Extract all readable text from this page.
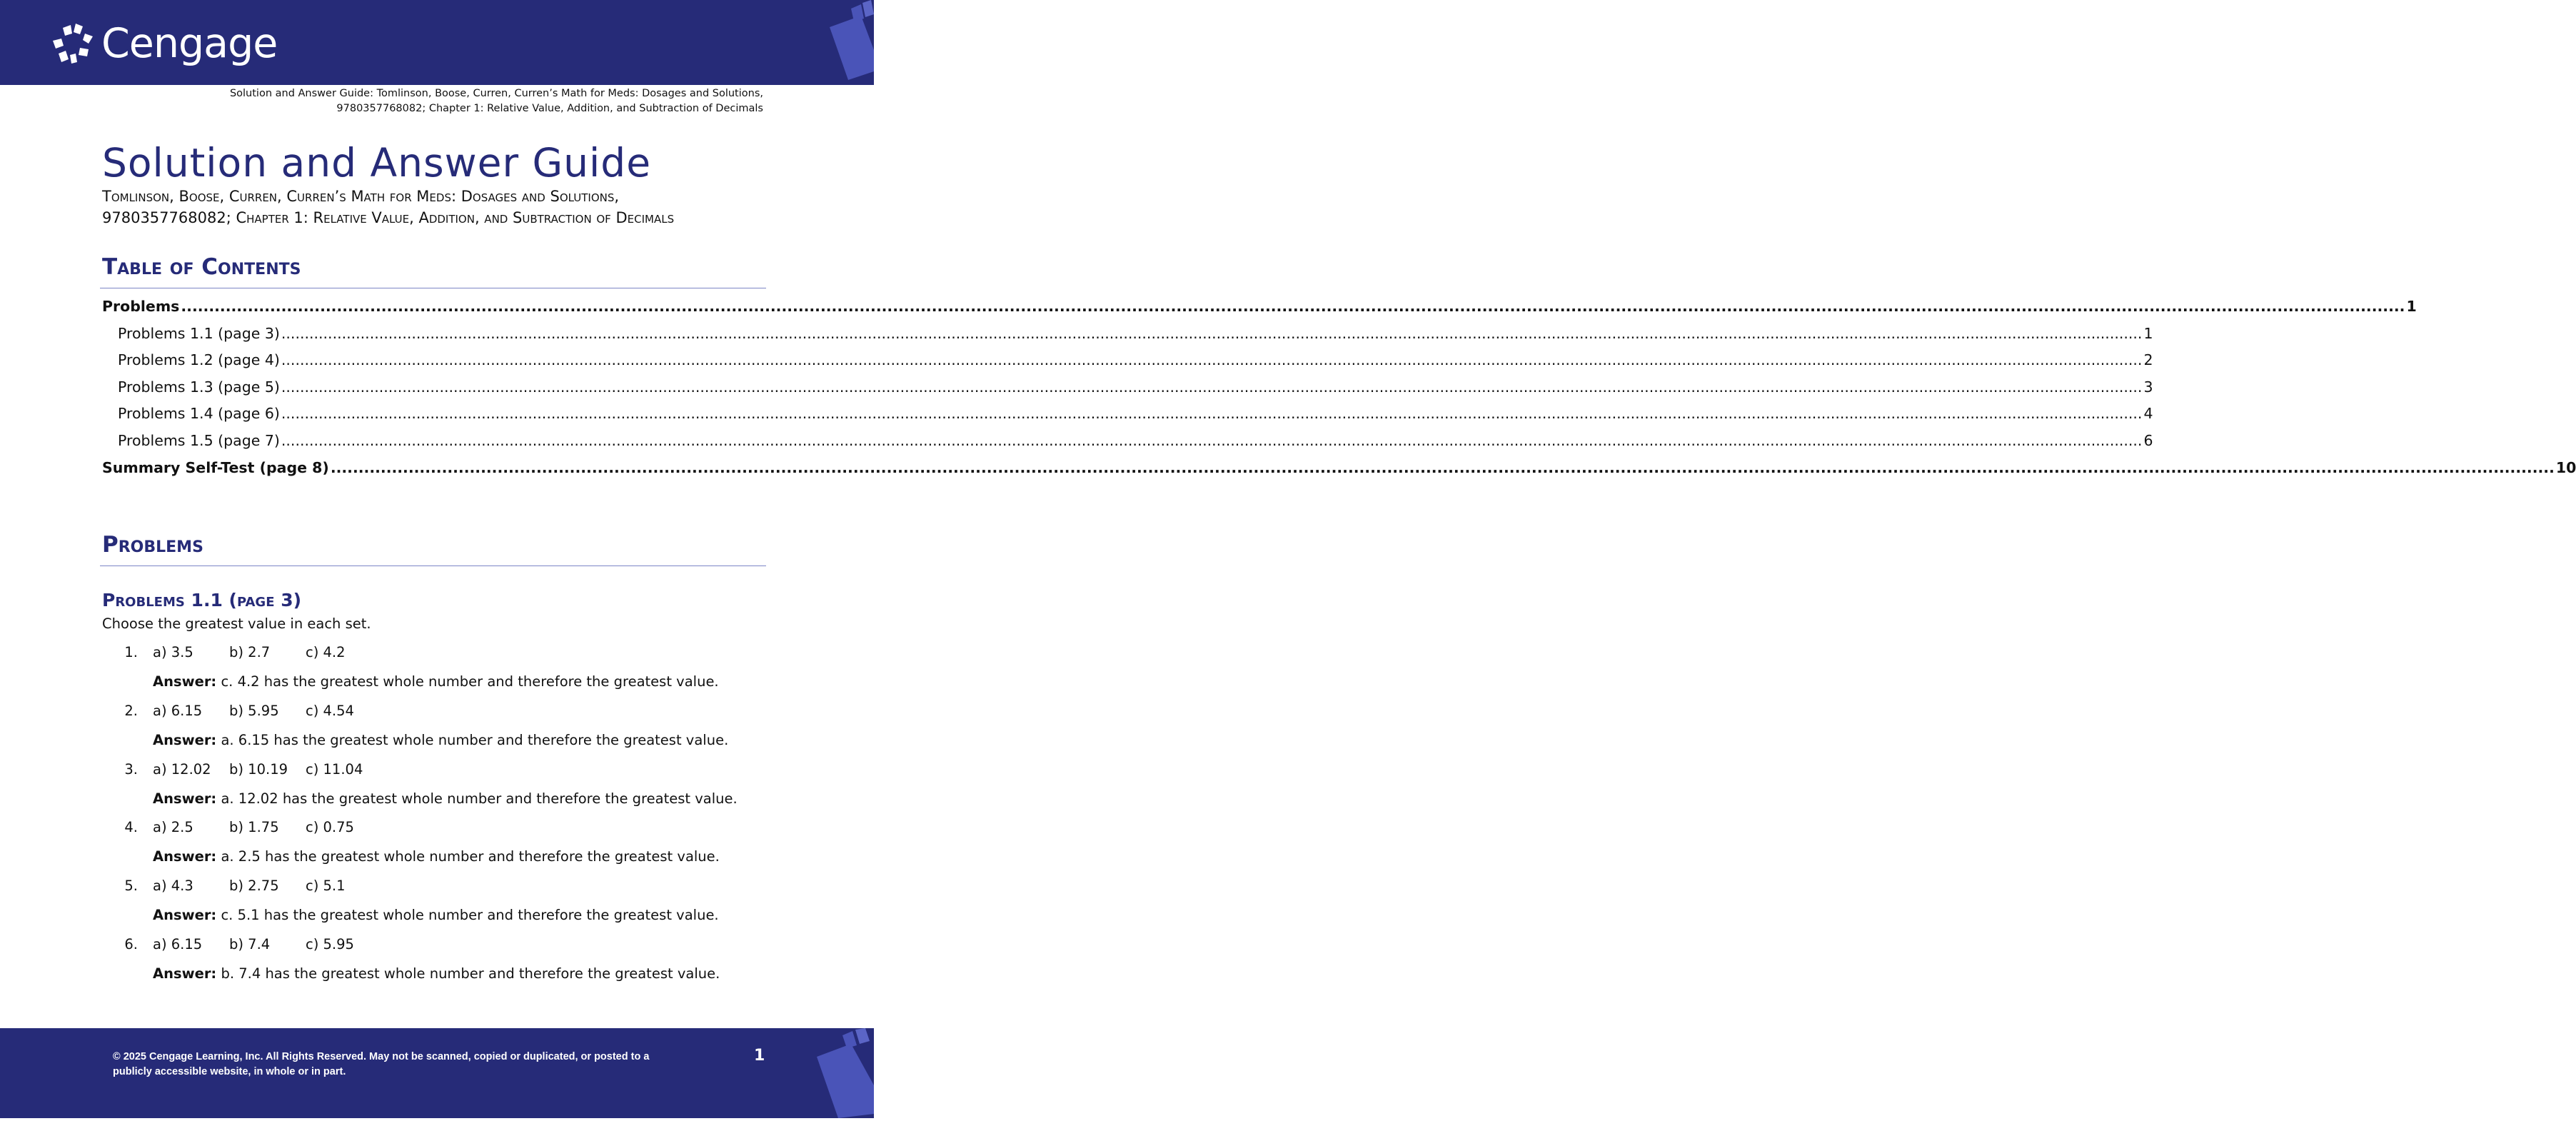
Cengage
Solution and Answer Guide: Tomlinson, Boose, Curren, Curren’s Math for Meds: Dosages and Solutions,
9780357768082; Chapter 1: Relative Value, Addition, and Subtraction of Decimals
Solution and Answer Guide
Tomlinson, Boose, Curren, Curren’s Math for Meds: Dosages and Solutions,
9780357768082; Chapter 1: Relative Value, Addition, and Subtraction of Decimals
Table of Contents
Problems ................................................................................................................................................................................................................................................................................................................................................................................................................ 1
Problems 1.1 (page 3) ................................................................................................................................................................................................................................................................................................................................................................................................................ 1
Problems 1.2 (page 4) ................................................................................................................................................................................................................................................................................................................................................................................................................ 2
Problems 1.3 (page 5) ................................................................................................................................................................................................................................................................................................................................................................................................................ 3
Problems 1.4 (page 6) ................................................................................................................................................................................................................................................................................................................................................................................................................ 4
Problems 1.5 (page 7) ................................................................................................................................................................................................................................................................................................................................................................................................................ 6
Summary Self-Test (page 8) ................................................................................................................................................................................................................................................................................................................................................................................................................ 10
Problems
Problems 1.1 (page 3)

Choose the greatest value in each set.

1. a) 3.5	b) 2.7	c) 4.2
Answer: c. 4.2 has the greatest whole number and therefore the greatest value.
2. a) 6.15 b) 5.95 c) 4.54
Answer: a. 6.15 has the greatest whole number and therefore the greatest value.
3. a) 12.02 b) 10.19 c) 11.04
Answer: a. 12.02 has the greatest whole number and therefore the greatest value.
4. a) 2.5	b) 1.75 c) 0.75
Answer: a. 2.5 has the greatest whole number and therefore the greatest value.
5. a) 4.3	b) 2.75 c) 5.1
Answer: c. 5.1 has the greatest whole number and therefore the greatest value.
6. a) 6.15 b) 7.4	c) 5.95
Answer: b. 7.4 has the greatest whole number and therefore the greatest value.

© 2025 Cengage Learning, Inc. All Rights Reserved. May not be scanned, copied or duplicated, or posted to a publicly accessible website, in whole or in part.

1
